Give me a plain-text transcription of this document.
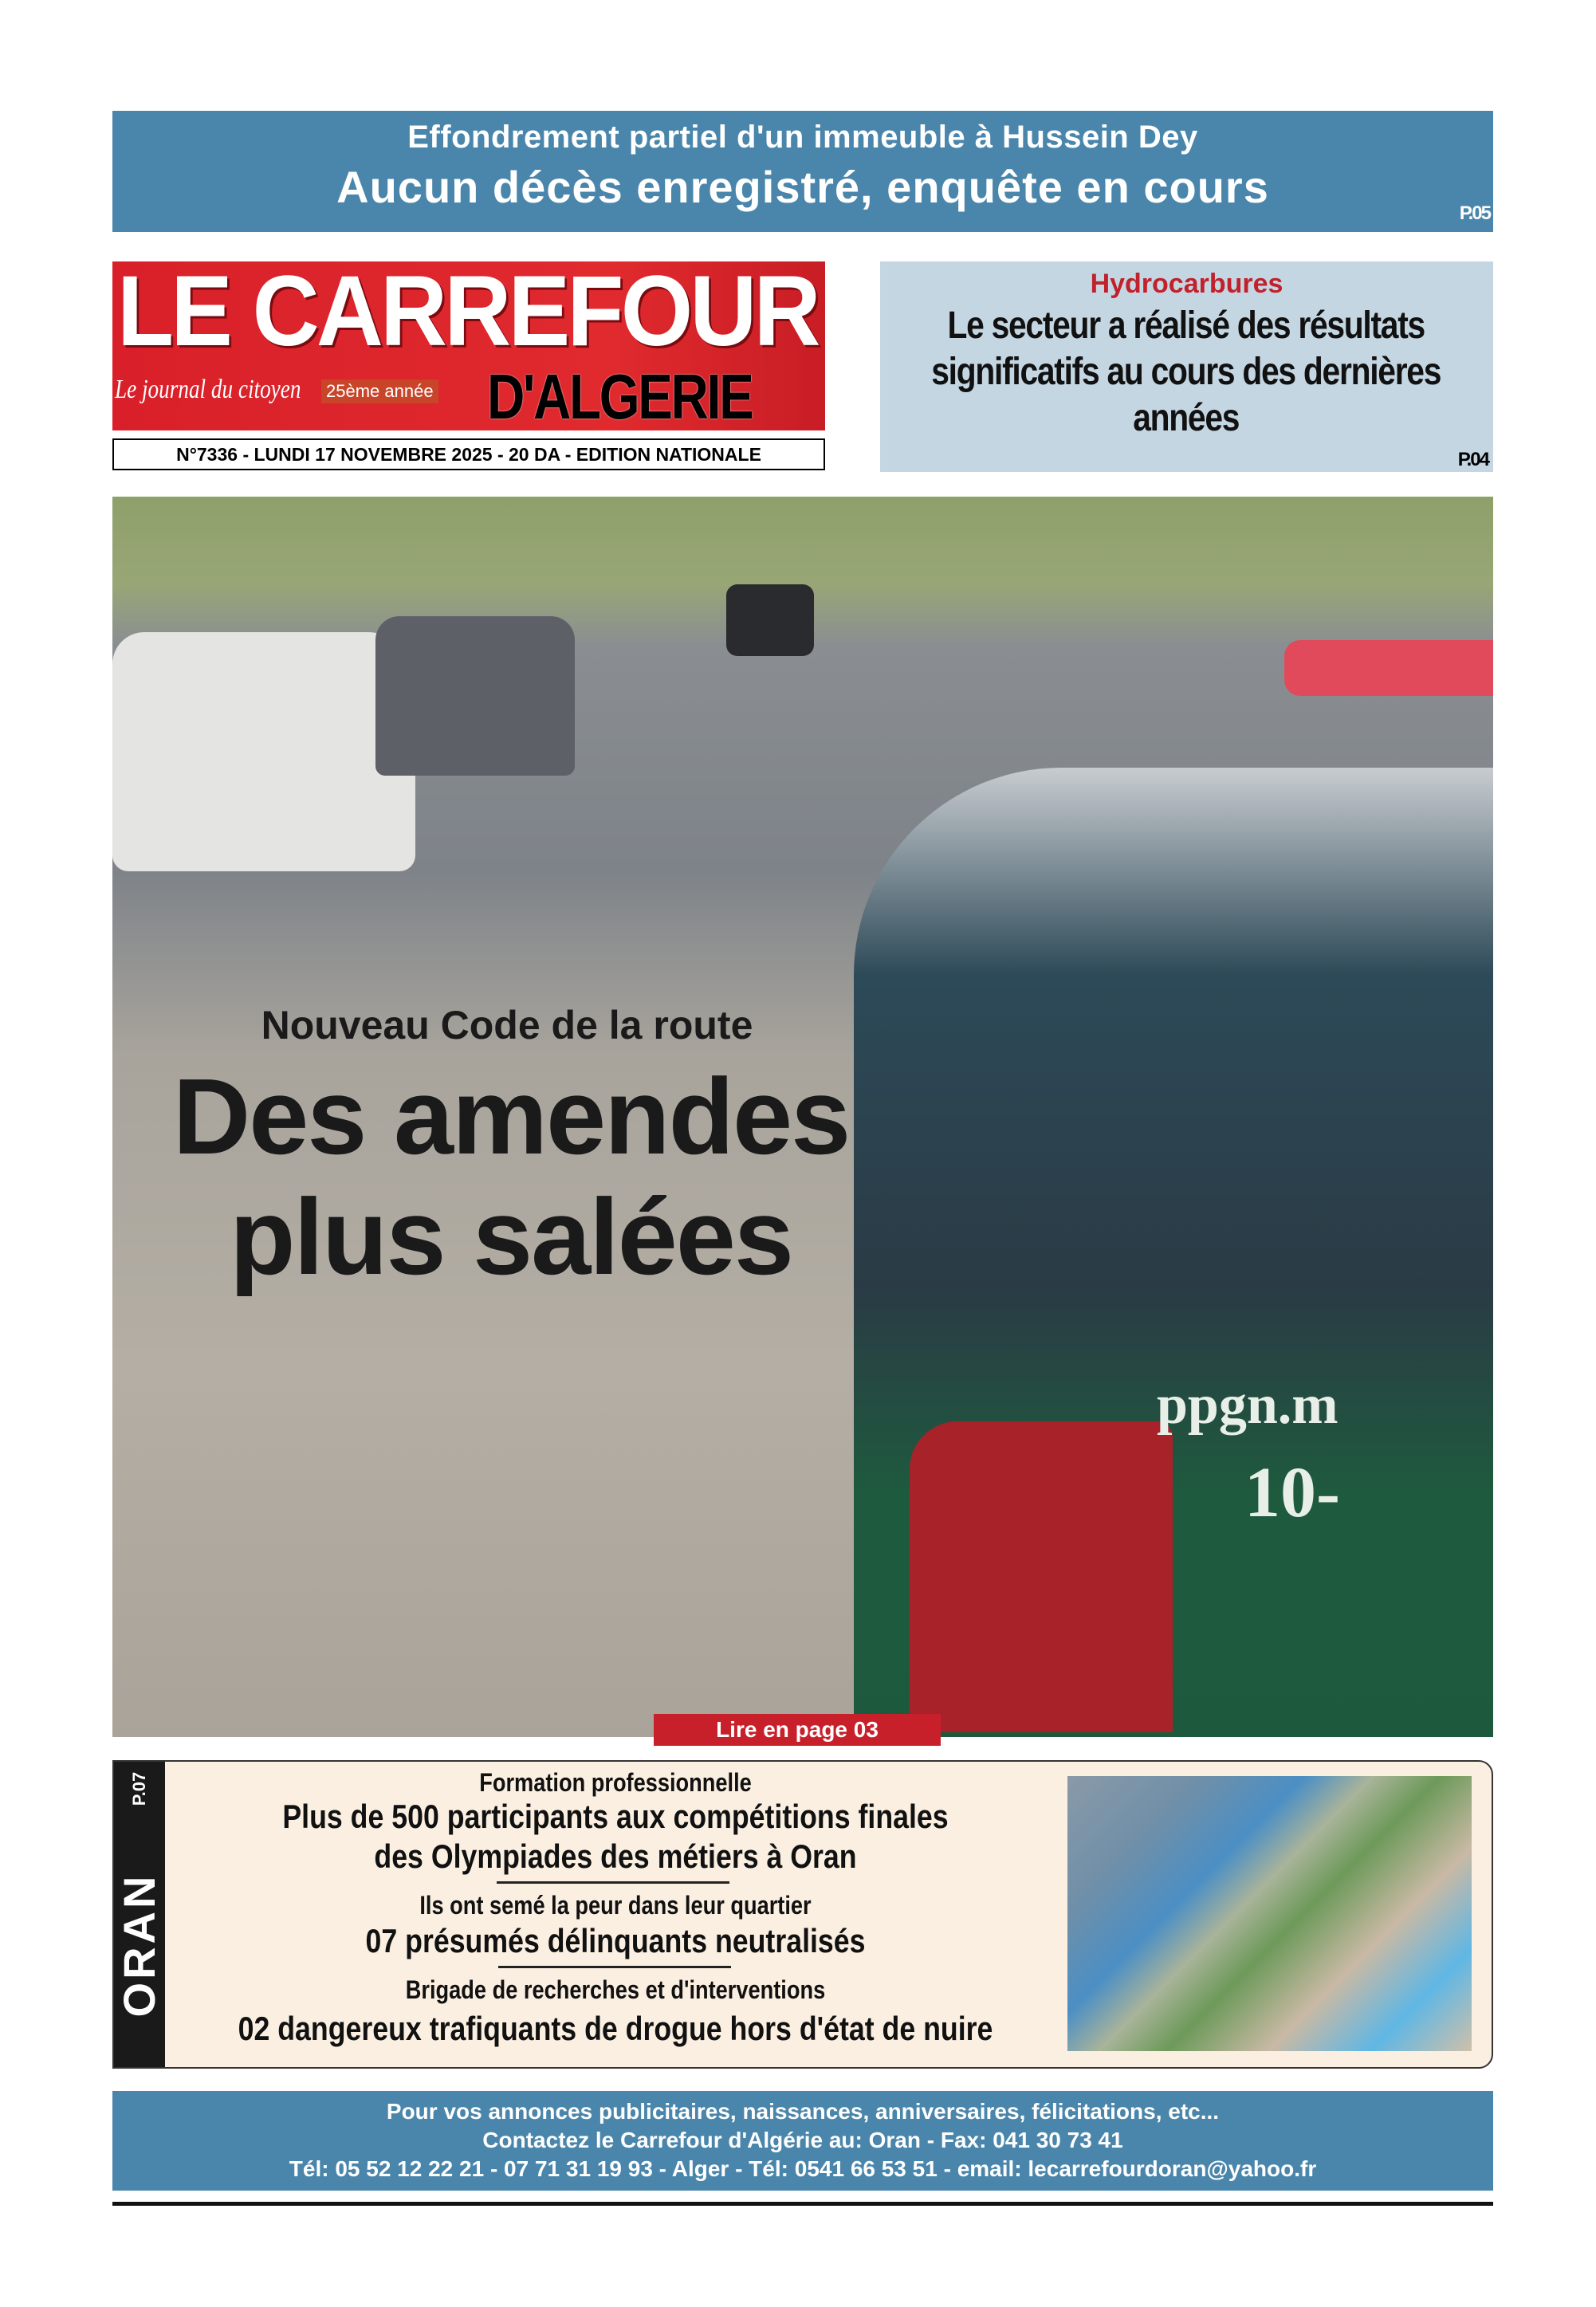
Effondrement partiel d'un immeuble à Hussein Dey
Aucun décès enregistré, enquête en cours
P.05
LE CARREFOUR
Le journal du citoyen 25ème année D'ALGERIE
N°7336 - LUNDI 17 NOVEMBRE 2025 - 20 DA - EDITION NATIONALE
Hydrocarbures
Le secteur a réalisé des résultats significatifs au cours des dernières années
P.04
ppgn.m
10-
Nouveau Code de la route
Des amendes
plus salées
Lire en page 03
P.07
ORAN
Formation professionnelle
Plus de 500 participants aux compétitions finales
des Olympiades des métiers à Oran
Ils ont semé la peur dans leur quartier
07 présumés délinquants neutralisés
Brigade de recherches et d'interventions
02 dangereux trafiquants de drogue hors d'état de nuire
Pour vos annonces publicitaires, naissances, anniversaires, félicitations, etc...
Contactez le Carrefour d'Algérie au: Oran - Fax: 041 30 73 41
Tél: 05 52 12 22 21 - 07 71 31 19 93 - Alger - Tél: 0541 66 53 51 - email: lecarrefourdoran@yahoo.fr
